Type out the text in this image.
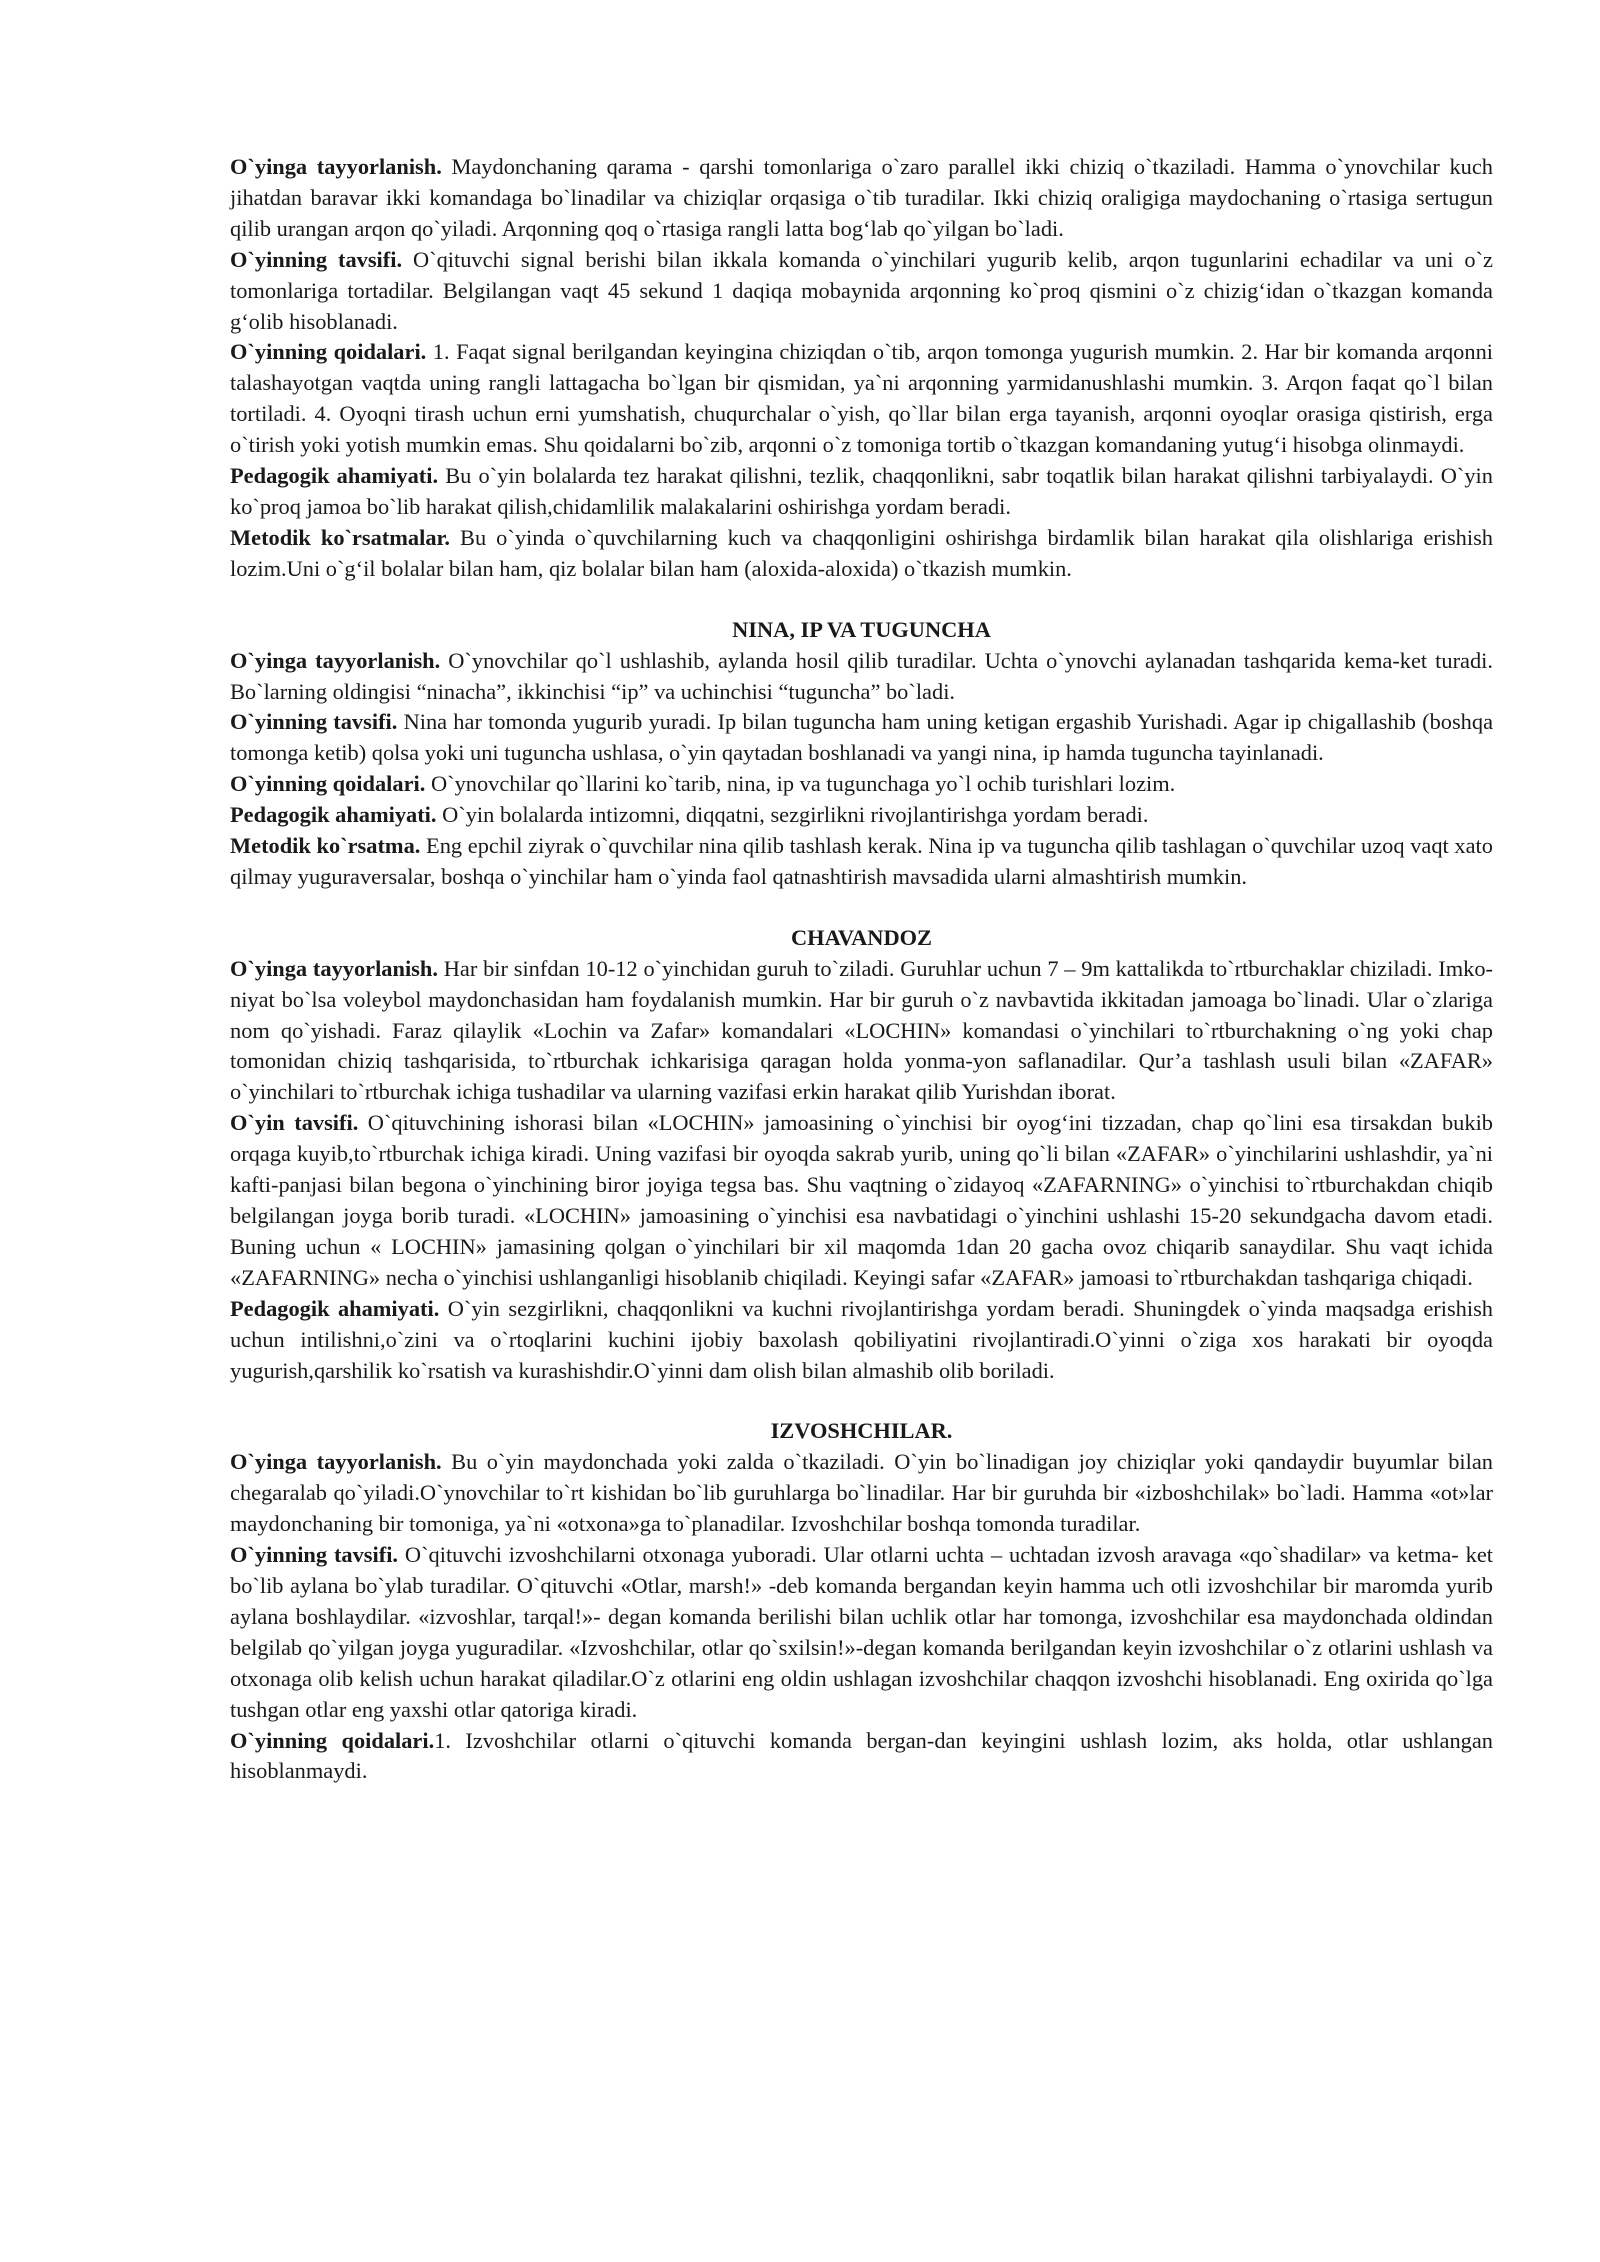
O`yinga tayyorlanish. Maydonchaning qarama - qarshi tomonlariga o`zaro parallel ikki chiziq o`tkaziladi. Hamma o`ynovchilar kuch jihatdan baravar ikki komandaga bo`linadilar va chiziqlar orqasiga o`tib turadilar. Ikki chiziq oraligiga maydochaning o`rtasiga sertugun qilib urangan arqon qo`yiladi. Arqonning qoq o`rtasiga rangli latta bog‘lab qo`yilgan bo`ladi.

O`yinning tavsifi. O`qituvchi signal berishi bilan ikkala komanda o`yinchilari yugurib kelib, arqon tugunlarini echadilar va uni o`z tomonlariga tortadilar. Belgilangan vaqt 45 sekund 1 daqiqa mobaynida arqonning ko`proq qismini o`z chizig‘idan o`tkazgan komanda g‘olib hisoblanadi.

O`yinning qoidalari. 1. Faqat signal berilgandan keyingina chiziqdan o`tib, arqon tomonga yugurish mumkin. 2. Har bir komanda arqonni talashayotgan vaqtda uning rangli lattagacha bo`lgan bir qismidan, ya`ni arqonning yarmidanushlashi mumkin. 3. Arqon faqat qo`l bilan tortiladi. 4. Oyoqni tirash uchun erni yumshatish, chuqurchalar o`yish, qo`llar bilan erga tayanish, arqonni oyoqlar orasiga qistirish, erga o`tirish yoki yotish mumkin emas. Shu qoidalarni bo`zib, arqonni o`z tomoniga tortib o`tkazgan komandaning yutug‘i hisobga olinmaydi.

Pedagogik ahamiyati. Bu o`yin bolalarda tez harakat qilishni, tezlik, chaqqonlikni, sabr toqatlik bilan harakat qilishni tarbiyalaydi. O`yin ko`proq jamoa bo`lib harakat qilish,chidamlilik malakalarini oshirishga yordam beradi.

Metodik ko`rsatmalar. Bu o`yinda o`quvchilarning kuch va chaqqonligini oshirishga birdamlik bilan harakat qila olishlariga erishish lozim.Uni o`g‘il bolalar bilan ham, qiz bolalar bilan ham (aloxida-aloxida) o`tkazish mumkin.

NINA, IP VA TUGUNCHA

O`yinga tayyorlanish. O`ynovchilar qo`l ushlashib, aylanda hosil qilib turadilar. Uchta o`ynovchi aylanadan tashqarida kema-ket turadi. Bo`larning oldingisi “ninacha”, ikkinchisi “ip” va uchinchisi “tuguncha” bo`ladi.

O`yinning tavsifi. Nina har tomonda yugurib yuradi. Ip bilan tuguncha ham uning ketigan ergashib Yurishadi. Agar ip chigallashib (boshqa tomonga ketib) qolsa yoki uni tuguncha ushlasa, o`yin qaytadan boshlanadi va yangi nina, ip hamda tuguncha tayinlanadi.

O`yinning qoidalari. O`ynovchilar qo`llarini ko`tarib, nina, ip va tugunchaga yo`l ochib turishlari lozim.

Pedagogik ahamiyati. O`yin bolalarda intizomni, diqqatni, sezgirlikni rivojlantirishga yordam beradi.

Metodik ko`rsatma. Eng epchil ziyrak o`quvchilar nina qilib tashlash kerak. Nina ip va tuguncha qilib tashlagan o`quvchilar uzoq vaqt xato qilmay yuguraversalar, boshqa o`yinchilar ham o`yinda faol qatnashtirish mavsadida ularni almashtirish mumkin.

CHAVANDOZ

O`yinga tayyorlanish. Har bir sinfdan 10-12 o`yinchidan guruh to`ziladi. Guruhlar uchun 7 – 9m kattalikda to`rtburchaklar chiziladi. Imko-niyat bo`lsa voleybol maydonchasidan ham foydalanish mumkin. Har bir guruh o`z navbavtida ikkitadan jamoaga bo`linadi. Ular o`zlariga nom qo`yishadi. Faraz qilaylik «Lochin va Zafar» komandalari «LOCHIN» komandasi o`yinchilari to`rtburchakning o`ng yoki chap tomonidan chiziq tashqarisida, to`rtburchak ichkarisiga qaragan holda yonma-yon saflanadilar. Qur’a tashlash usuli bilan «ZAFAR» o`yinchilari to`rtburchak ichiga tushadilar va ularning vazifasi erkin harakat qilib Yurishdan iborat.

O`yin tavsifi. O`qituvchining ishorasi bilan «LOCHIN» jamoasining o`yinchisi bir oyog‘ini tizzadan, chap qo`lini esa tirsakdan bukib orqaga kuyib,to`rtburchak ichiga kiradi. Uning vazifasi bir oyoqda sakrab yurib, uning qo`li bilan «ZAFAR» o`yinchilarini ushlashdir, ya`ni kafti-panjasi bilan begona o`yinchining biror joyiga tegsa bas. Shu vaqtning o`zidayoq «ZAFARNING» o`yinchisi to`rtburchakdan chiqib belgilangan joyga borib turadi. «LOCHIN» jamoasining o`yinchisi esa navbatidagi o`yinchini ushlashi 15-20 sekundgacha davom etadi. Buning uchun « LOCHIN» jamasining qolgan o`yinchilari bir xil maqomda 1dan 20 gacha ovoz chiqarib sanaydilar. Shu vaqt ichida «ZAFARNING» necha o`yinchisi ushlanganligi hisoblanib chiqiladi. Keyingi safar «ZAFAR» jamoasi to`rtburchakdan tashqariga chiqadi.

Pedagogik ahamiyati. O`yin sezgirlikni, chaqqonlikni va kuchni rivojlantirishga yordam beradi. Shuningdek o`yinda maqsadga erishish uchun intilishni,o`zini va o`rtoqlarini kuchini ijobiy baxolash qobiliyatini rivojlantiradi.O`yinni o`ziga xos harakati bir oyoqda yugurish,qarshilik ko`rsatish va kurashishdir.O`yinni dam olish bilan almashib olib boriladi.

IZVOSHCHILAR.

O`yinga tayyorlanish. Bu o`yin maydonchada yoki zalda o`tkaziladi. O`yin bo`linadigan joy chiziqlar yoki qandaydir buyumlar bilan chegaralab qo`yiladi.O`ynovchilar to`rt kishidan bo`lib guruhlarga bo`linadilar. Har bir guruhda bir «izboshchilak» bo`ladi. Hamma «ot»lar maydonchaning bir tomoniga, ya`ni «otxona»ga to`planadilar. Izvoshchilar boshqa tomonda turadilar.

O`yinning tavsifi. O`qituvchi izvoshchilarni otxonaga yuboradi. Ular otlarni uchta – uchtadan izvosh aravaga «qo`shadilar» va ketma- ket bo`lib aylana bo`ylab turadilar. O`qituvchi «Otlar, marsh!» -deb komanda bergandan keyin hamma uch otli izvoshchilar bir maromda yurib aylana boshlaydilar. «izvoshlar, tarqal!»- degan komanda berilishi bilan uchlik otlar har tomonga, izvoshchilar esa maydonchada oldindan belgilab qo`yilgan joyga yuguradilar. «Izvoshchilar, otlar qo`sxilsin!»-degan komanda berilgandan keyin izvoshchilar o`z otlarini ushlash va otxonaga olib kelish uchun harakat qiladilar.O`z otlarini eng oldin ushlagan izvoshchilar chaqqon izvoshchi hisoblanadi. Eng oxirida qo`lga tushgan otlar eng yaxshi otlar qatoriga kiradi.

O`yinning qoidalari.1. Izvoshchilar otlarni o`qituvchi komanda bergan-dan keyingini ushlash lozim, aks holda, otlar ushlangan hisoblanmaydi.
